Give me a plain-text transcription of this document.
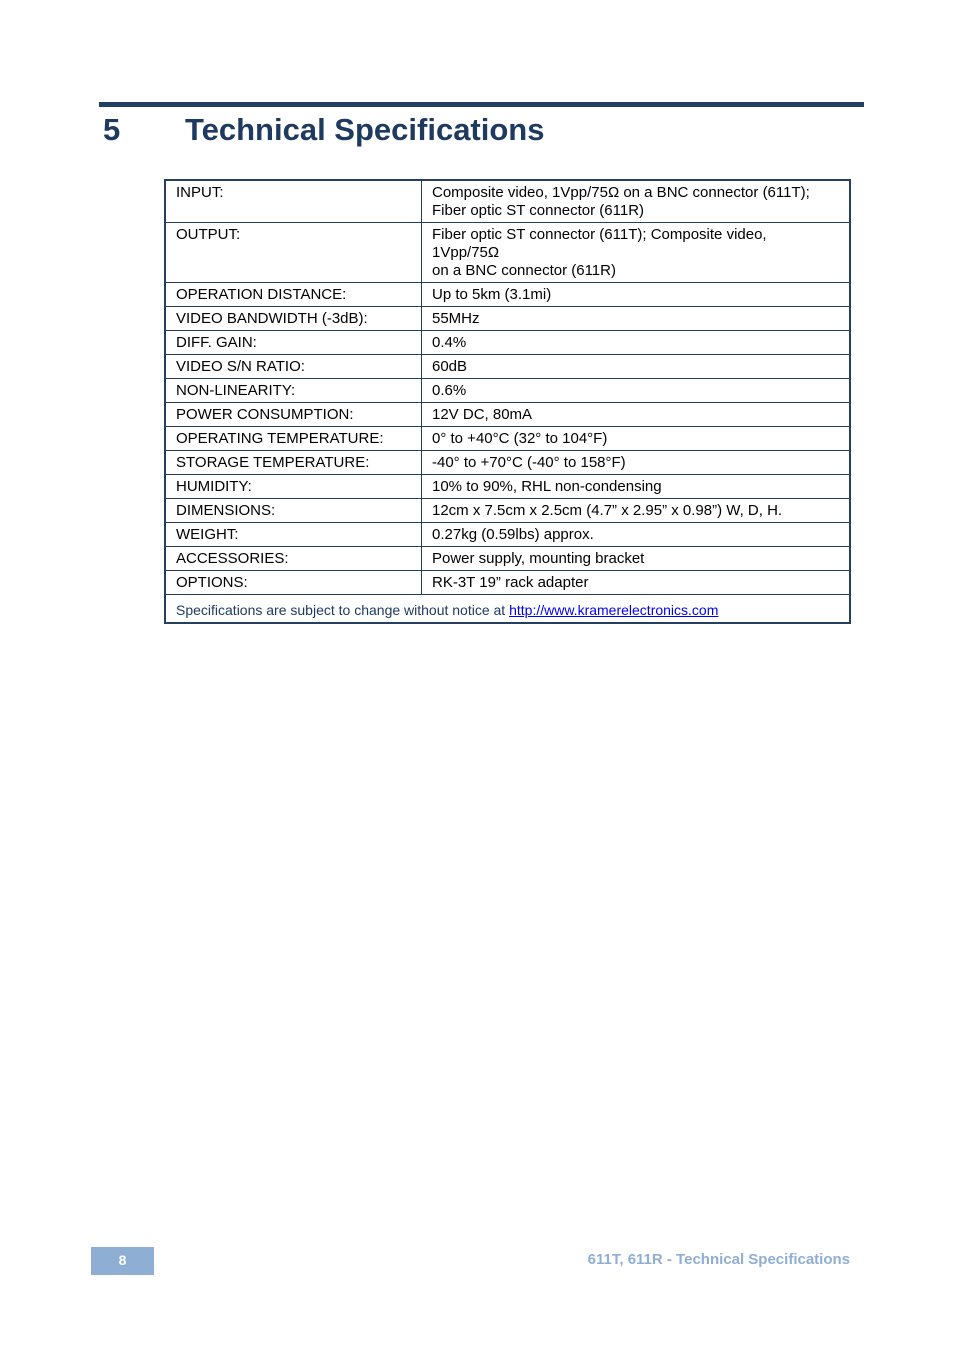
5 Technical Specifications
INPUT:	Composite video, 1Vpp/75Ω on a BNC connector (611T);
Fiber optic ST connector (611R)
OUTPUT:	Fiber optic ST connector (611T); Composite video,
1Vpp/75Ω
on a BNC connector (611R)
OPERATION DISTANCE:	Up to 5km (3.1mi)
VIDEO BANDWIDTH (-3dB):	55MHz
DIFF. GAIN:	0.4%
VIDEO S/N RATIO:	60dB
NON-LINEARITY:	0.6%
POWER CONSUMPTION:	12V DC, 80mA
OPERATING TEMPERATURE:	0° to +40°C (32° to 104°F)
STORAGE TEMPERATURE:	-40° to +70°C (-40° to 158°F)
HUMIDITY:	10% to 90%, RHL non-condensing
DIMENSIONS:	12cm x 7.5cm x 2.5cm (4.7” x 2.95” x 0.98”) W, D, H.
WEIGHT:	0.27kg (0.59lbs) approx.
ACCESSORIES:	Power supply, mounting bracket
OPTIONS:	RK-3T 19” rack adapter
Specifications are subject to change without notice at http://www.kramerelectronics.com	
8	611T, 611R - Technical Specifications
